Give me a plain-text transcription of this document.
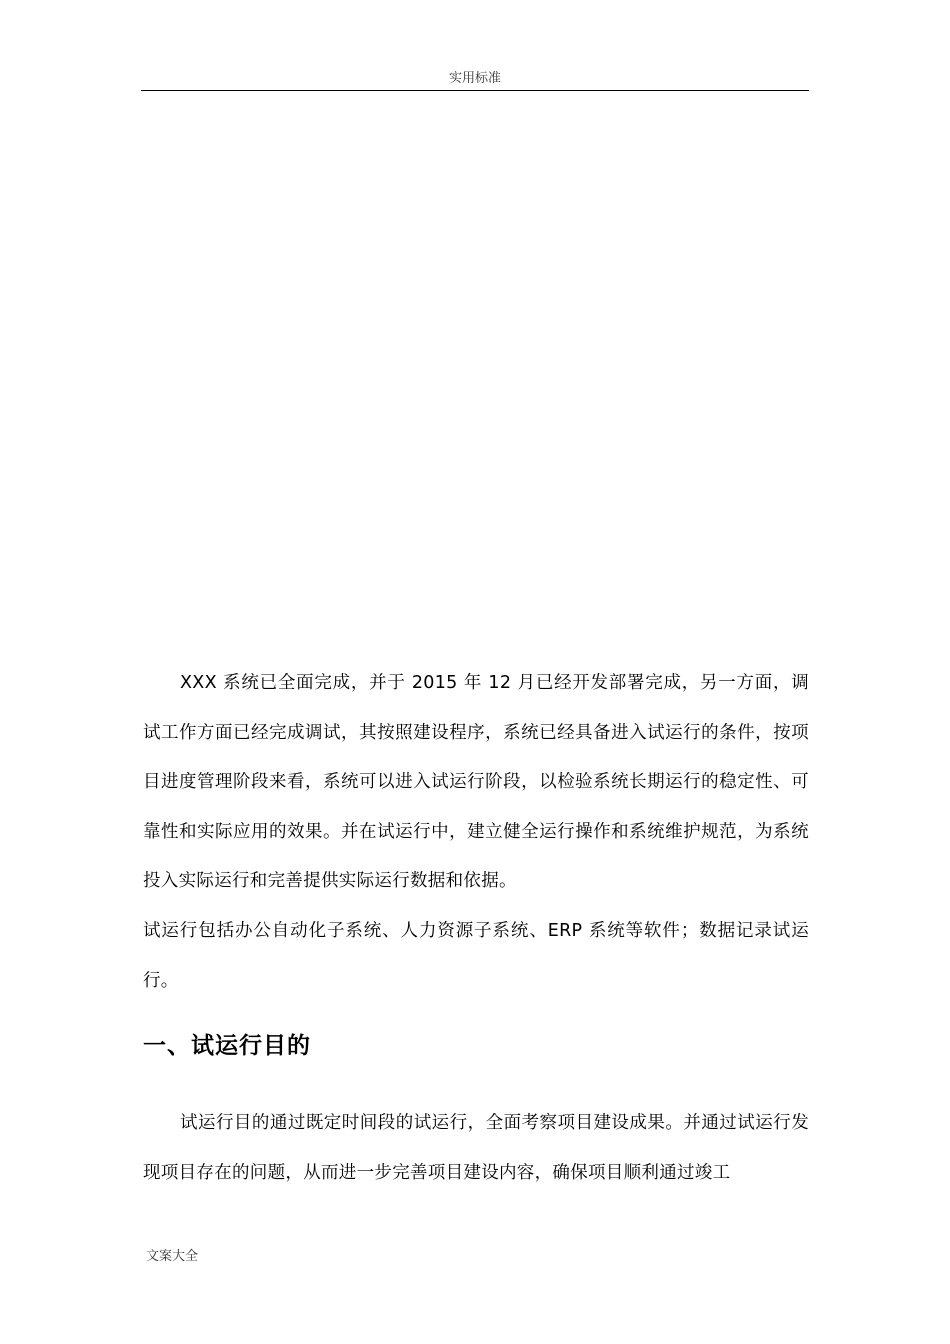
实用标准

XXX 系统已全面完成，并于 2015 年 12 月已经开发部署完成，另一方面，调试工作方面已经完成调试，其按照建设程序，系统已经具备进入试运行的条件，按项目进度管理阶段来看，系统可以进入试运行阶段，以检验系统长期运行的稳定性、可靠性和实际应用的效果。并在试运行中，建立健全运行操作和系统维护规范，为系统投入实际运行和完善提供实际运行数据和依据。

试运行包括办公自动化子系统、人力资源子系统、ERP 系统等软件；数据记录试运行。

一、试运行目的

试运行目的通过既定时间段的试运行，全面考察项目建设成果。并通过试运行发现项目存在的问题，从而进一步完善项目建设内容，确保项目顺利通过竣工

文案大全
